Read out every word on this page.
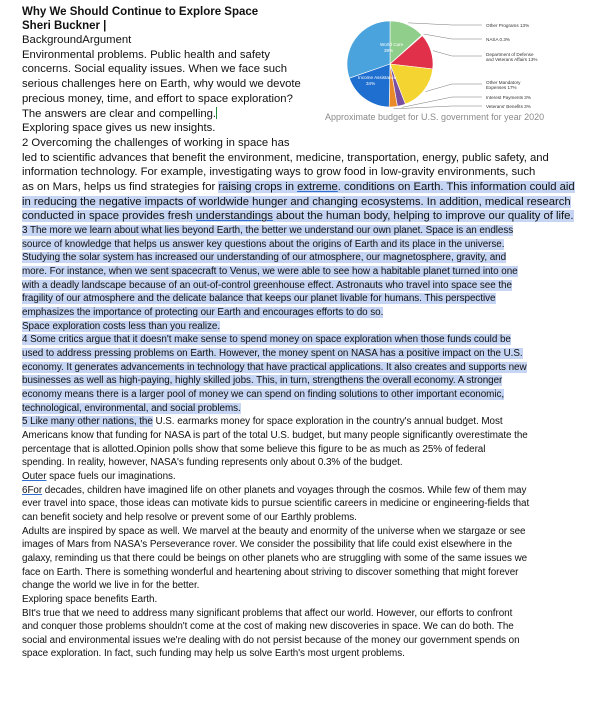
Why We Should Continue to Explore Space
Sheri Buckner |
BackgroundArgument
Environmental problems. Public health and safety
concerns. Social equality issues. When we face such
serious challenges here on Earth, why would we devote
precious money, time, and effort to space exploration?
The answers are clear and compelling.
Exploring space gives us new insights.
2 Overcoming the challenges of working in space has
led to scientific advances that benefit the environment, medicine, transportation, energy, public safety, and
information technology. For example, investigating ways to grow food in low-gravity environments, such
as on Mars, helps us find strategies for raising crops in extreme. conditions on Earth. This information could aid
in reducing the negative impacts of worldwide hunger and changing ecosystems. In addition, medical research
conducted in space provides fresh understandings about the human body, helping to improve our quality of life.
3 The more we learn about what lies beyond Earth, the better we understand our own planet. Space is an endless
source of knowledge that helps us answer key questions about the origins of Earth and its place in the universe.
Studying the solar system has increased our understanding of our atmosphere, our magnetosphere, gravity, and
more. For instance, when we sent spacecraft to Venus, we were able to see how a habitable planet turned into one
with a deadly landscape because of an out-of-control greenhouse effect. Astronauts who travel into space see the
fragility of our atmosphere and the delicate balance that keeps our planet livable for humans. This perspective
emphasizes the importance of protecting our Earth and encourages efforts to do so.
Space exploration costs less than you realize.
4 Some critics argue that it doesn't make sense to spend money on space exploration when those funds could be
used to address pressing problems on Earth. However, the money spent on NASA has a positive impact on the U.S.
economy. It generates advancements in technology that have practical applications. It also creates and supports new
businesses as well as high-paying, highly skilled jobs. This, in turn, strengthens the overall economy. A stronger
economy means there is a larger pool of money we can spend on finding solutions to other important economic,
technological, environmental, and social problems.
5 Like many other nations, the U.S. earmarks money for space exploration in the country's annual budget. Most
Americans know that funding for NASA is part of the total U.S. budget, but many people significantly overestimate the
percentage that is allotted.Opinion polls show that some believe this figure to be as much as 25% of federal
spending. In reality, however, NASA's funding represents only about 0.3% of the budget.
Outer space fuels our imaginations.
6For decades, children have imagined life on other planets and voyages through the cosmos. While few of them may
ever travel into space, those ideas can motivate kids to pursue scientific careers in medicine or engineering-fields that
can benefit society and help resolve or prevent some of our Earthly problems.
Adults are inspired by space as well. We marvel at the beauty and enormity of the universe when we stargaze or see
images of Mars from NASA's Perseverance rover. We consider the possibility that life could exist elsewhere in the
galaxy, reminding us that there could be beings on other planets who are struggling with some of the same issues we
face on Earth. There is something wonderful and heartening about striving to discover something that might forever
change the world we live in for the better.
Exploring space benefits Earth.
BIt's true that we need to address many significant problems that affect our world. However, our efforts to confront
and conquer those problems shouldn't come at the cost of making new discoveries in space. We can do both. The
social and environmental issues we're dealing with do not persist because of the money our government spends on
space exploration. In fact, such funding may help us solve Earth's most urgent problems.
World Care
39%
Income Assistance
34%
Other Programs 13%
NASA 0.3%
Department of Defense
and Veterans Affairs 13%
Other Mandatory
Expenses 17%
Interest Payments 3%
Veterans' Benefits 3%
Approximate budget for U.S. government for year 2020
